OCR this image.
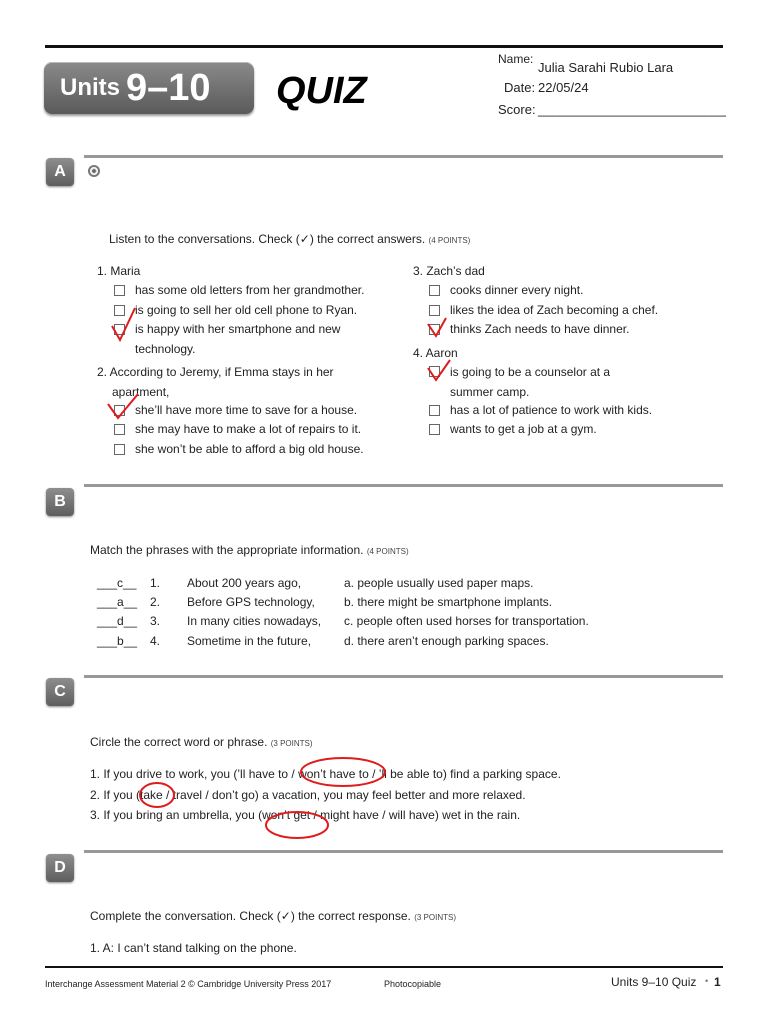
Units 9–10 QUIZ
Name:
Julia Sarahi Rubio Lara
Date: 22/05/24
Score: __________________________
A
Listen to the conversations. Check (✓) the correct answers. (4 POINTS)
1. Maria
has some old letters from her grandmother.
is going to sell her old cell phone to Ryan.
is happy with her smartphone and new
technology.
2. According to Jeremy, if Emma stays in her
apartment,
she’ll have more time to save for a house.
she may have to make a lot of repairs to it.
she won’t be able to afford a big old house.
3. Zach’s dad
cooks dinner every night.
likes the idea of Zach becoming a chef.
thinks Zach needs to have dinner.
4. Aaron
is going to be a counselor at a
summer camp.
has a lot of patience to work with kids.
wants to get a job at a gym.
B
Match the phrases with the appropriate information. (4 POINTS)
___c__ 1. About 200 years ago,	a. people usually used paper maps.
___a__ 2. Before GPS technology, b. there might be smartphone implants.
___d__ 3. In many cities nowadays, c. people often used horses for transportation.
___b__ 4. Sometime in the future,	d. there aren’t enough parking spaces.
C
Circle the correct word or phrase. (3 POINTS)
1. If you drive to work, you (’ll have to / won’t have to / ’ll be able to) find a parking space.
2. If you (take / travel / don’t go) a vacation, you may feel better and more relaxed.
3. If you bring an umbrella, you (won’t get / might have / will have) wet in the rain.
D
Complete the conversation. Check (✓) the correct response. (3 POINTS)
1. A: I can’t stand talking on the phone.
Interchange Assessment Material 2 © Cambridge University Press 2017	Photocopiable	Units 9–10 Quiz • 1
